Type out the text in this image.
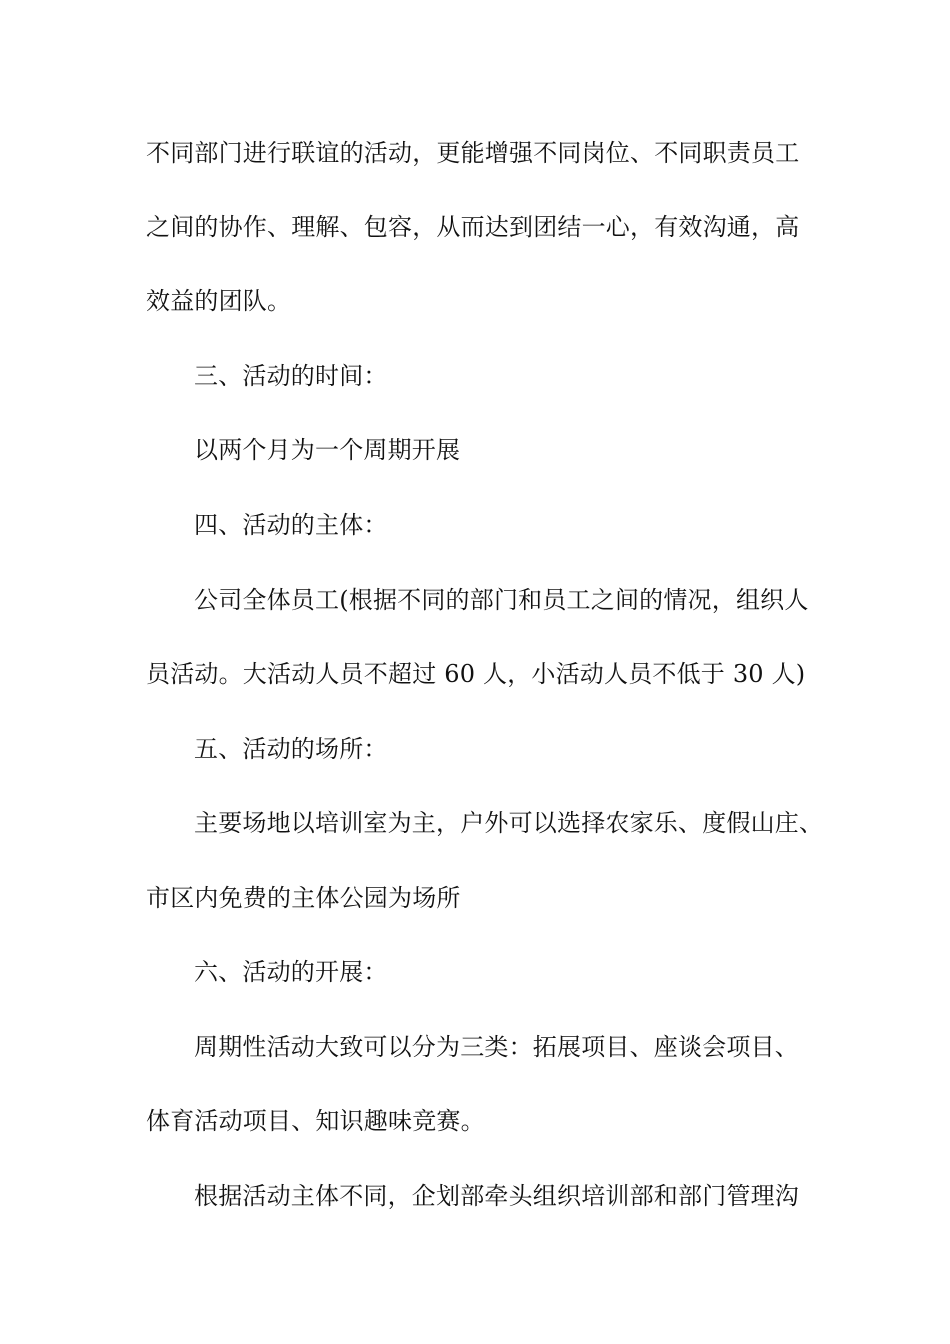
不同部门进行联谊的活动，更能增强不同岗位、不同职责员工
之间的协作、理解、包容，从而达到团结一心，有效沟通，高
效益的团队。
三、活动的时间：
以两个月为一个周期开展
四、活动的主体：
公司全体员工(根据不同的部门和员工之间的情况，组织人
员活动。大活动人员不超过 60 人，小活动人员不低于 30 人)
五、活动的场所：
主要场地以培训室为主，户外可以选择农家乐、度假山庄、
市区内免费的主体公园为场所
六、活动的开展：
周期性活动大致可以分为三类：拓展项目、座谈会项目、
体育活动项目、知识趣味竞赛。
根据活动主体不同，企划部牵头组织培训部和部门管理沟
